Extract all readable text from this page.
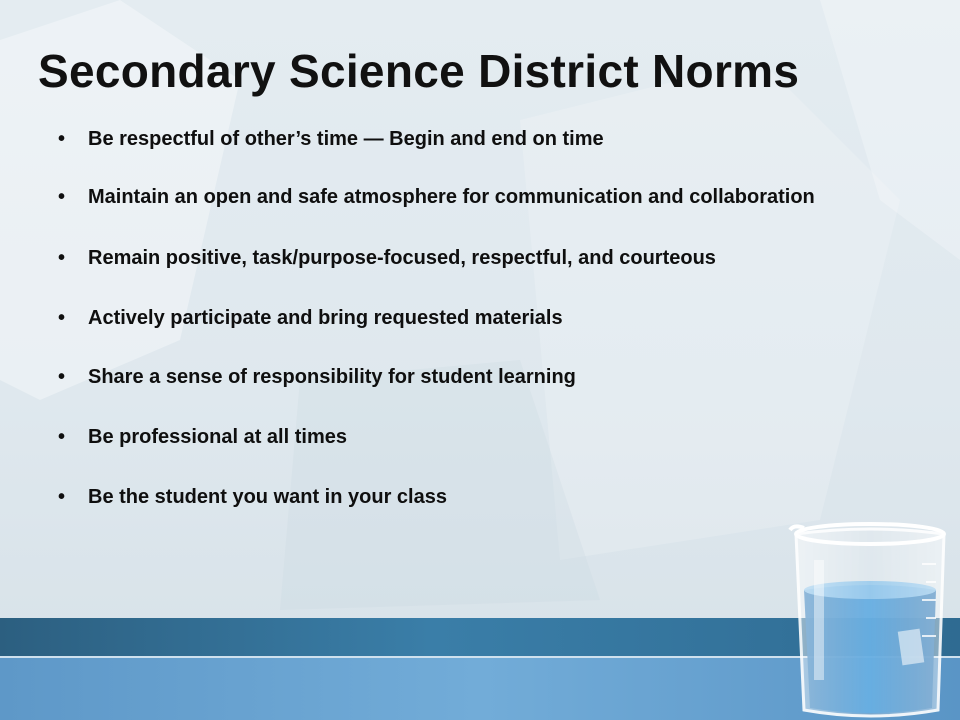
Secondary Science District Norms
• Be respectful of other’s time — Begin and end on time
• Maintain an open and safe atmosphere for communication and collaboration
• Remain positive, task/purpose-focused, respectful, and courteous
• Actively participate and bring requested materials
• Share a sense of responsibility for student learning
• Be professional at all times
• Be the student you want in your class
